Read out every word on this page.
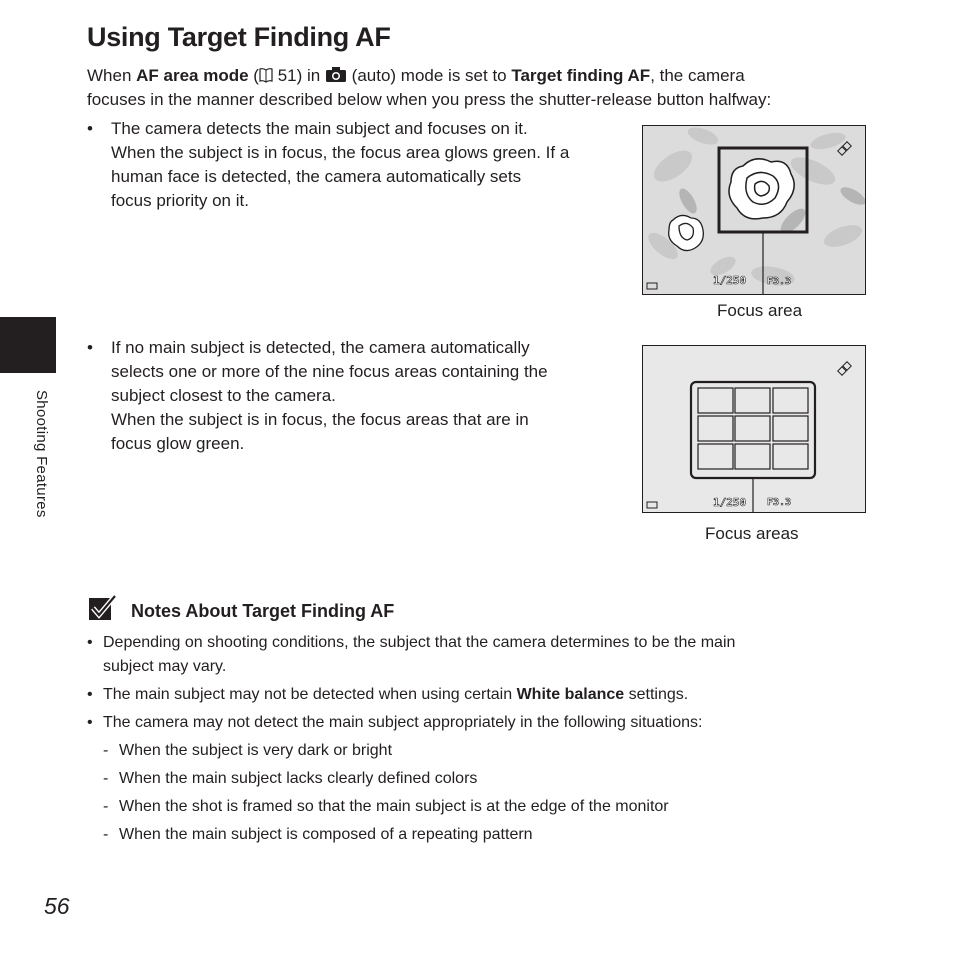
Using Target Finding AF
When AF area mode ( 51) in  (auto) mode is set to Target finding AF, the camera
focuses in the manner described below when you press the shutter-release button halfway:
• The camera detects the main subject and focuses on it.
When the subject is in focus, the focus area glows green. If a
human face is detected, the camera automatically sets
focus priority on it.
1/250 F3.3
Focus area
Shooting Features
• If no main subject is detected, the camera automatically
selects one or more of the nine focus areas containing the
subject closest to the camera.
When the subject is in focus, the focus areas that are in
focus glow green.
1/250 F3.3
Focus areas
Notes About Target Finding AF
• Depending on shooting conditions, the subject that the camera determines to be the main
subject may vary.
• The main subject may not be detected when using certain White balance settings.
• The camera may not detect the main subject appropriately in the following situations:
- When the subject is very dark or bright
- When the main subject lacks clearly defined colors
- When the shot is framed so that the main subject is at the edge of the monitor
- When the main subject is composed of a repeating pattern
56
